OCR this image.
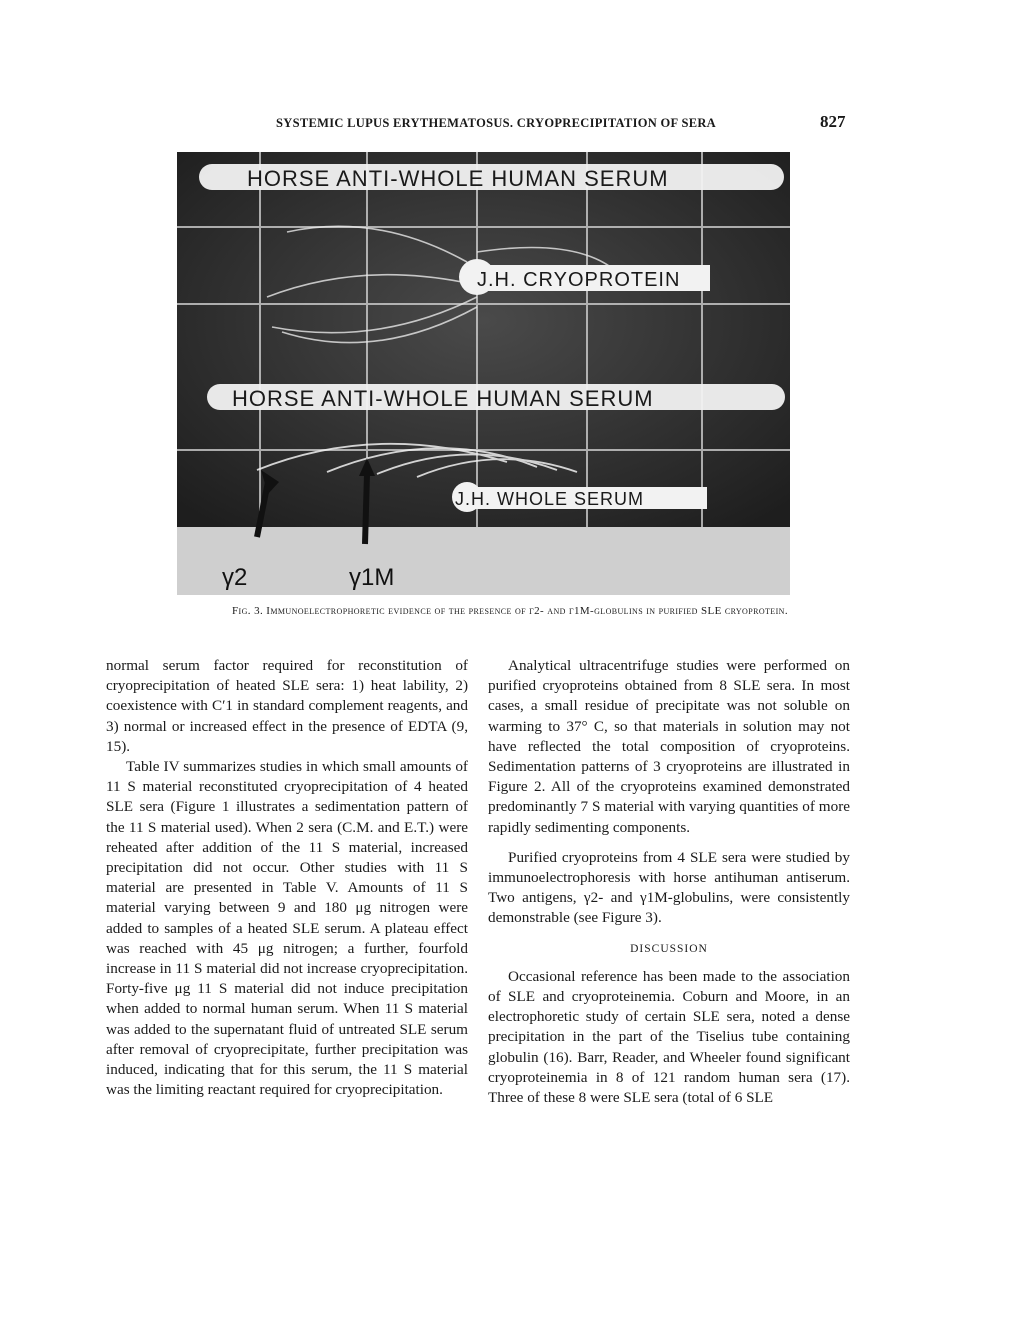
SYSTEMIC LUPUS ERYTHEMATOSUS. CRYOPRECIPITATION OF SERA	827
HORSE ANTI-WHOLE HUMAN SERUM
J.H. CRYOPROTEIN
HORSE ANTI-WHOLE HUMAN SERUM
J.H. WHOLE SERUM
γ2	γ1M
Fig. 3. Immunoelectrophoretic evidence of the presence of γ2- and γ1M-globulins in purified SLE cryoprotein.

normal serum factor required for reconstitution of cryoprecipitation of heated SLE sera: 1) heat lability, 2) coexistence with C′1 in standard complement reagents, and 3) normal or increased effect in the presence of EDTA (9, 15).

Table IV summarizes studies in which small amounts of 11 S material reconstituted cryoprecipitation of 4 heated SLE sera (Figure 1 illustrates a sedimentation pattern of the 11 S material used). When 2 sera (C.M. and E.T.) were reheated after addition of the 11 S material, increased precipitation did not occur. Other studies with 11 S material are presented in Table V. Amounts of 11 S material varying between 9 and 180 μg nitrogen were added to samples of a heated SLE serum. A plateau effect was reached with 45 μg nitrogen; a further, fourfold increase in 11 S material did not increase cryoprecipitation. Forty-five μg 11 S material did not induce precipitation when added to normal human serum. When 11 S material was added to the supernatant fluid of untreated SLE serum after removal of cryoprecipitate, further precipitation was induced, indicating that for this serum, the 11 S material was the limiting reactant required for cryoprecipitation.

Analytical ultracentrifuge studies were performed on purified cryoproteins obtained from 8 SLE sera. In most cases, a small residue of precipitate was not soluble on warming to 37° C, so that materials in solution may not have reflected the total composition of cryoproteins. Sedimentation patterns of 3 cryoproteins are illustrated in Figure 2. All of the cryoproteins examined demonstrated predominantly 7 S material with varying quantities of more rapidly sedimenting components.

Purified cryoproteins from 4 SLE sera were studied by immunoelectrophoresis with horse antihuman antiserum. Two antigens, γ2- and γ1M-globulins, were consistently demonstrable (see Figure 3).

DISCUSSION

Occasional reference has been made to the association of SLE and cryoproteinemia. Coburn and Moore, in an electrophoretic study of certain SLE sera, noted a dense precipitation in the part of the Tiselius tube containing globulin (16). Barr, Reader, and Wheeler found significant cryoproteinemia in 8 of 121 random human sera (17). Three of these 8 were SLE sera (total of 6 SLE
